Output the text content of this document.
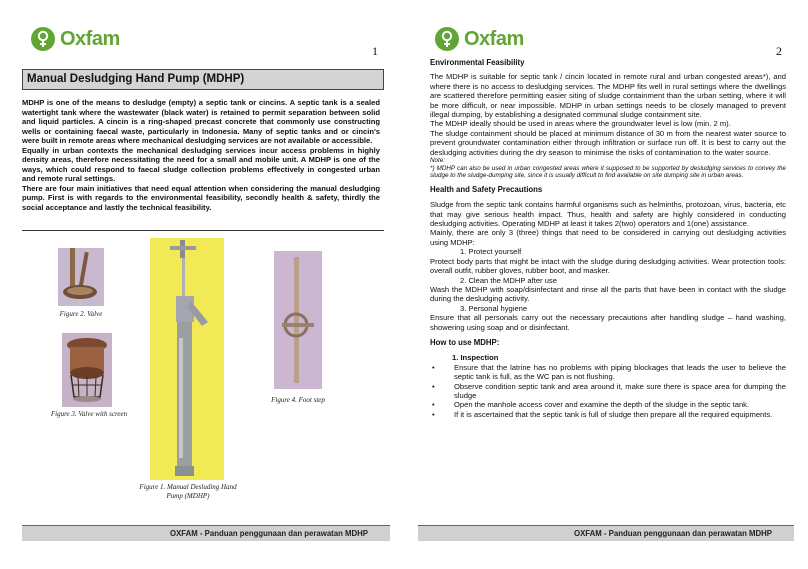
Oxfam
1
Manual Desludging Hand Pump (MDHP)

MDHP is one of the means to desludge (empty) a septic tank or cincins. A septic tank is a sealed watertight tank where the wastewater (black water) is retained to permit separation between solid and liquid particles. A cincin is a ring-shaped precast concrete that commonly use constructing wells or containing faecal waste, particularly in Indonesia. Many of septic tanks and or cincin's were built in remote areas where mechanical desludging services are not available or accessible.

Equally in urban contexts the mechanical desludging services incur access problems in highly density areas, therefore necessitating the need for a small and mobile unit. A MDHP is one of the ways, which could respond to faecal sludge collection problems effectively in congested urban and remote rural settings.

There are four main initiatives that need equal attention when considering the manual desludging pump. First is with regards to the environmental feasibility, secondly health & safety, thirdly the social acceptance and lastly the technical feasibility.

Figure 2. Valve
Figure 3. Valve with screen
Figure 1. Manual Desluding Hand Pump (MDHP)
Figure 4. Foot step
OXFAM - Panduan penggunaan dan perawatan MDHP
Oxfam
2

Environmental Feasibility

The MDHP is suitable for septic tank / cincin located in remote rural and urban congested areas*), and where there is no access to desludging services. The MDHP fits well in rural settings where the dwellings are scattered therefore permitting easier siting of sludge containment than the urban setting, where it will be more difficult, or near impossible. MDHP in urban settings needs to be closely managed to prevent illegal dumping, by establishing a designated communal sludge containment site.

The MDHP ideally should be used in areas where the groundwater level is low (min. 2 m).

The sludge containment should be placed at minimum distance of 30 m from the nearest water source to prevent groundwater contamination either through infiltration or surface run off. It is best to carry out the desludging activities during the dry season to minimise the risks of contamination to the water source.

Note:

*) MDHP can also be used in urban congested areas where it supposed to be supported by desludging services to convey the sludge to the sludge-dumping site, since it is usually difficult to find available on site dumping site in urban areas.

Health and Safety Precautions

Sludge from the septic tank contains harmful organisms such as helminths, protozoan, virus, bacteria, etc that may give serious health impact. Thus, health and safety are highly considered in conducting desludging activities. Operating MDHP at least it takes 2(two) operators and 1(one) assistance.

Mainly, there are only 3 (three) things that need to be considered in carrying out desludging activities using MDHP:

1. Protect yourself

Protect body parts that might be intact with the sludge during desludging activities. Wear protection tools: overall outfit, rubber gloves, rubber boot, and masker.

2. Clean the MDHP after use

Wash the MDHP with soap/disinfectant and rinse all the parts that have been in contact with the sludge during the desludging activity.

3. Personal hygiene

Ensure that all personals carry out the necessary precautions after handling sludge – hand washing, showering using soap and or disinfectant.

How to use MDHP:

1. Inspection

•	Ensure that the latrine has no problems with piping blockages that leads the user to believe the septic tank is full, as the WC pan is not flushing.
•	Observe condition septic tank and area around it, make sure there is space area for dumping the sludge
•	Open the manhole access cover and examine the depth of the sludge in the septic tank.
•	If it is ascertained that the septic tank is full of sludge then prepare all the required equipments.
OXFAM - Panduan penggunaan dan perawatan MDHP
